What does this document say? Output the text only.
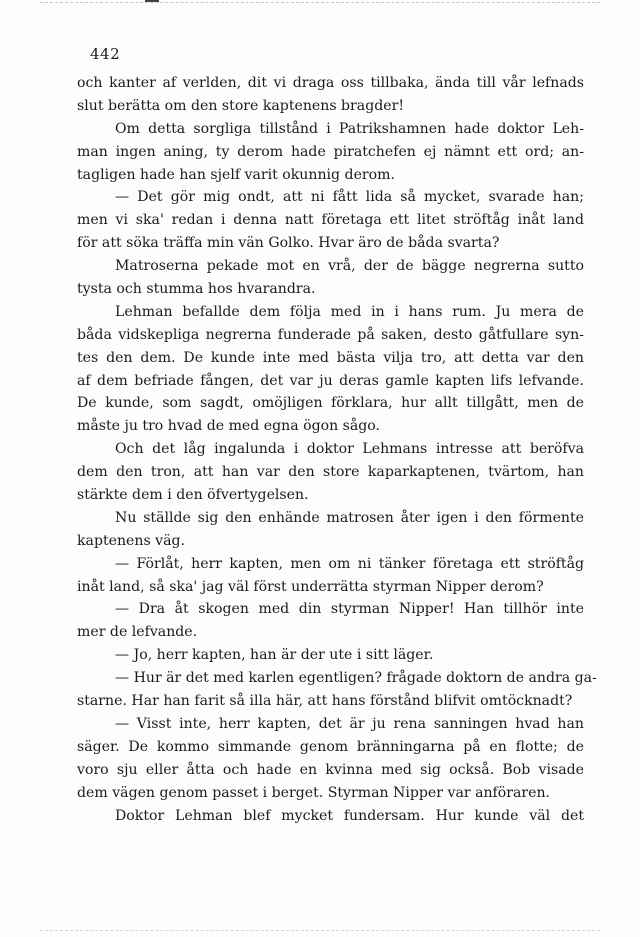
442
och kanter af verlden, dit vi draga oss tillbaka, ända till vår lefnads
slut berätta om den store kaptenens bragder!
Om detta sorgliga tillstånd i Patrikshamnen hade doktor Leh-
man ingen aning, ty derom hade piratchefen ej nämnt ett ord; an-
tagligen hade han sjelf varit okunnig derom.
— Det gör mig ondt, att ni fått lida så mycket, svarade han;
men vi ska' redan i denna natt företaga ett litet ströftåg inåt land
för att söka träffa min vän Golko. Hvar äro de båda svarta?
Matroserna pekade mot en vrå, der de bägge negrerna sutto
tysta och stumma hos hvarandra.
Lehman befallde dem följa med in i hans rum. Ju mera de
båda vidskepliga negrerna funderade på saken, desto gåtfullare syn-
tes den dem. De kunde inte med bästa vilja tro, att detta var den
af dem befriade fången, det var ju deras gamle kapten lifs lefvande.
De kunde, som sagdt, omöjligen förklara, hur allt tillgått, men de
måste ju tro hvad de med egna ögon sågo.
Och det låg ingalunda i doktor Lehmans intresse att beröfva
dem den tron, att han var den store kaparkaptenen, tvärtom, han
stärkte dem i den öfvertygelsen.
Nu ställde sig den enhände matrosen åter igen i den förmente
kaptenens väg.
— Förlåt, herr kapten, men om ni tänker företaga ett ströftåg
inåt land, så ska' jag väl först underrätta styrman Nipper derom?
— Dra åt skogen med din styrman Nipper! Han tillhör inte
mer de lefvande.
— Jo, herr kapten, han är der ute i sitt läger.
— Hur är det med karlen egentligen? frågade doktorn de andra ga-
starne. Har han farit så illa här, att hans förstånd blifvit omtöcknadt?
— Visst inte, herr kapten, det är ju rena sanningen hvad han
säger. De kommo simmande genom bränningarna på en flotte; de
voro sju eller åtta och hade en kvinna med sig också. Bob visade
dem vägen genom passet i berget. Styrman Nipper var anföraren.
Doktor Lehman blef mycket fundersam. Hur kunde väl det
